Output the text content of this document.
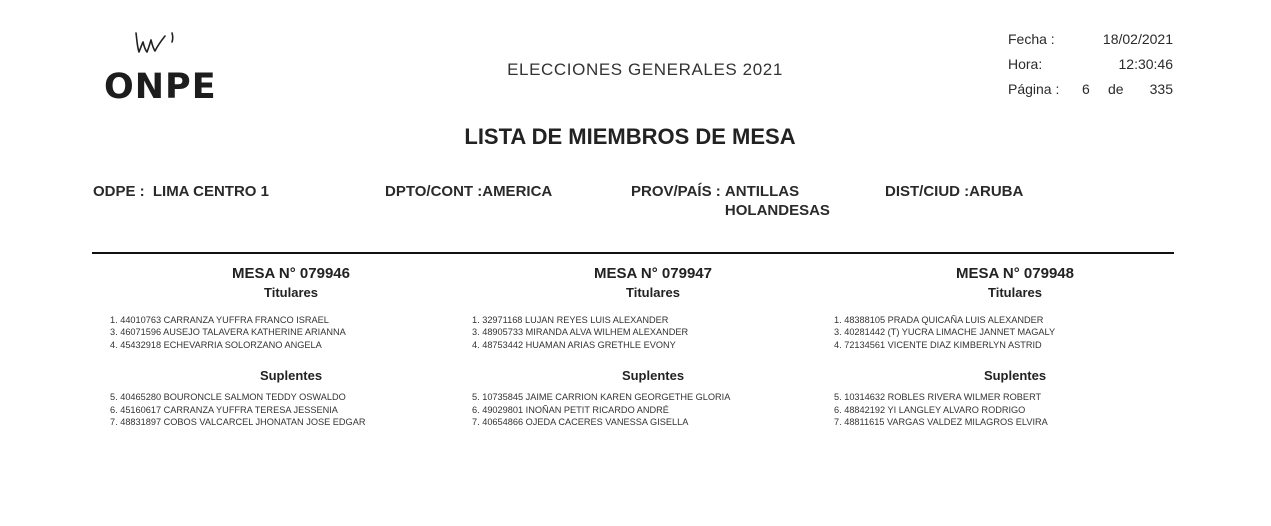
ONPE	ELECCIONES GENERALES 2021
Fecha :	18/02/2021
Hora:	12:30:46
Página : 6 de 335
LISTA DE MIEMBROS DE MESA
ODPE : LIMA CENTRO 1	DPTO/CONT :AMERICA	PROV/PAÍS : ANTILLAS
HOLANDESAS
DIST/CIUD :ARUBA
MESA N° 079946
Titulares
1. 44010763 CARRANZA YUFFRA FRANCO ISRAEL
3. 46071596 AUSEJO TALAVERA KATHERINE ARIANNA
4. 45432918 ECHEVARRIA SOLORZANO ANGELA
Suplentes
5. 40465280 BOURONCLE SALMON TEDDY OSWALDO
6. 45160617 CARRANZA YUFFRA TERESA JESSENIA
7. 48831897 COBOS VALCARCEL JHONATAN JOSE EDGAR
MESA N° 079947
Titulares
1. 32971168 LUJAN REYES LUIS ALEXANDER
3. 48905733 MIRANDA ALVA WILHEM ALEXANDER
4. 48753442 HUAMAN ARIAS GRETHLE EVONY
Suplentes
5. 10735845 JAIME CARRION KAREN GEORGETHE GLORIA
6. 49029801 INOÑAN PETIT RICARDO ANDRÉ
7. 40654866 OJEDA CACERES VANESSA GISELLA
MESA N° 079948
Titulares
1. 48388105 PRADA QUICAÑA LUIS ALEXANDER
3. 40281442 (T) YUCRA LIMACHE JANNET MAGALY
4. 72134561 VICENTE DIAZ KIMBERLYN ASTRID
Suplentes
5. 10314632 ROBLES RIVERA WILMER ROBERT
6. 48842192 YI LANGLEY ALVARO RODRIGO
7. 48811615 VARGAS VALDEZ MILAGROS ELVIRA
